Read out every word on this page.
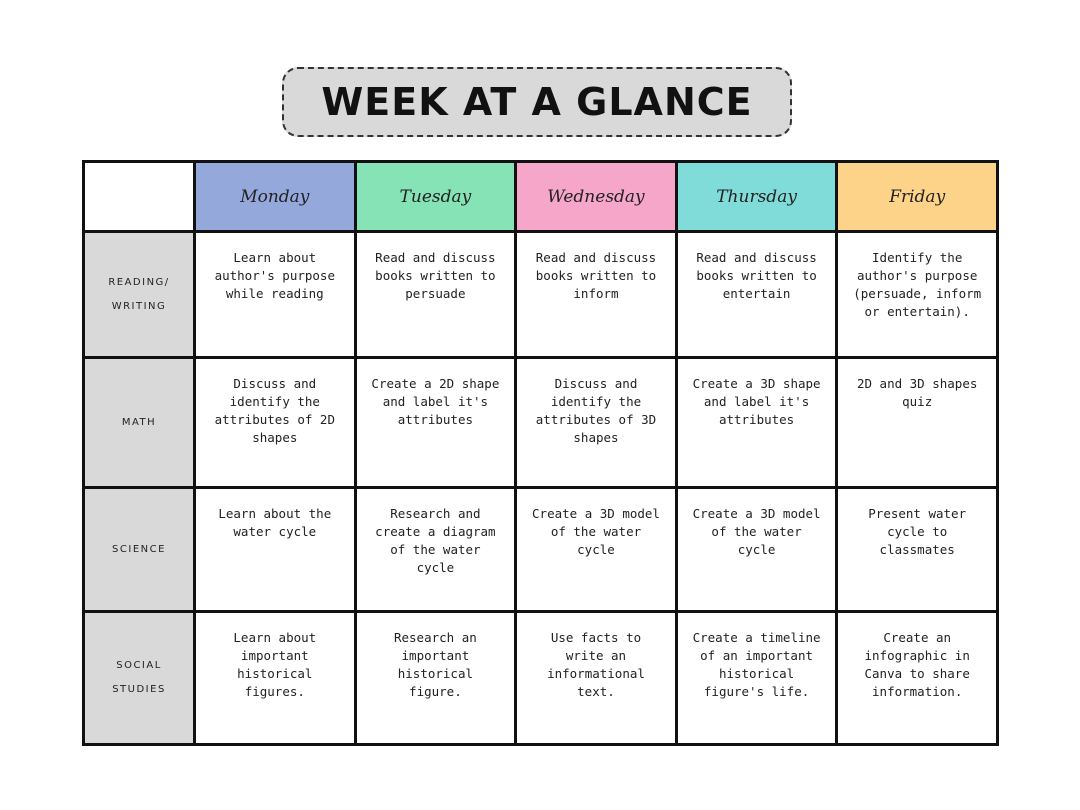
WEEK AT A GLANCE
	Monday	Tuesday	Wednesday	Thursday	Friday

READING/
WRITING	Learn about author's purpose while reading	Read and discuss books written to persuade	Read and discuss books written to inform	Read and discuss books written to entertain	Identify the author's purpose (persuade, inform or entertain).

MATH	Discuss and identify the attributes of 2D shapes	Create a 2D shape and label it's attributes	Discuss and identify the attributes of 3D shapes	Create a 3D shape and label it's attributes	2D and 3D shapes quiz

SCIENCE	Learn about the water cycle	Research and create a diagram of the water cycle	Create a 3D model of the water cycle	Create a 3D model of the water cycle	Present water cycle to classmates

SOCIAL
STUDIES	Learn about important historical figures.	Research an important historical figure.	Use facts to write an informational text.	Create a timeline of an important historical figure's life.	Create an infographic in Canva to share information.
